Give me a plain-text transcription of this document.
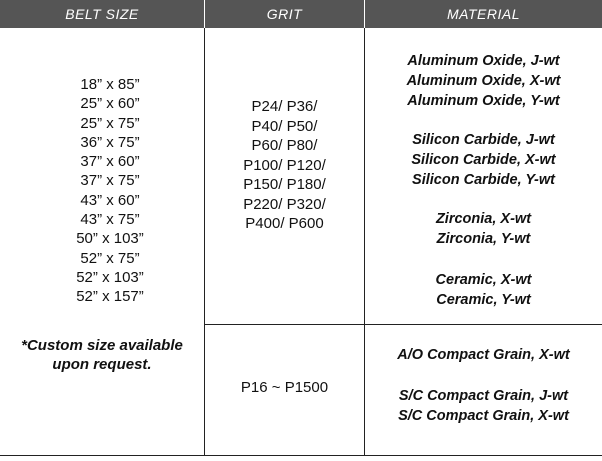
BELT SIZE	GRIT	MATERIAL
18” x 85”
25” x 60”
25” x 75”
36” x 75”
37” x 60”
37” x 75”
43” x 60”
43” x 75”
50” x 103”
52” x 75”
52” x 103”
52” x 157”
*Custom size available
upon request.
P24/ P36/
P40/ P50/
P60/ P80/
P100/ P120/
P150/ P180/
P220/ P320/
P400/ P600
P16 ~ P1500
Aluminum Oxide, J-wt
Aluminum Oxide, X-wt
Aluminum Oxide, Y-wt
Silicon Carbide, J-wt
Silicon Carbide, X-wt
Silicon Carbide, Y-wt
Zirconia, X-wt
Zirconia, Y-wt
Ceramic, X-wt
Ceramic, Y-wt
A/O Compact Grain, X-wt
S/C Compact Grain, J-wt
S/C Compact Grain, X-wt
